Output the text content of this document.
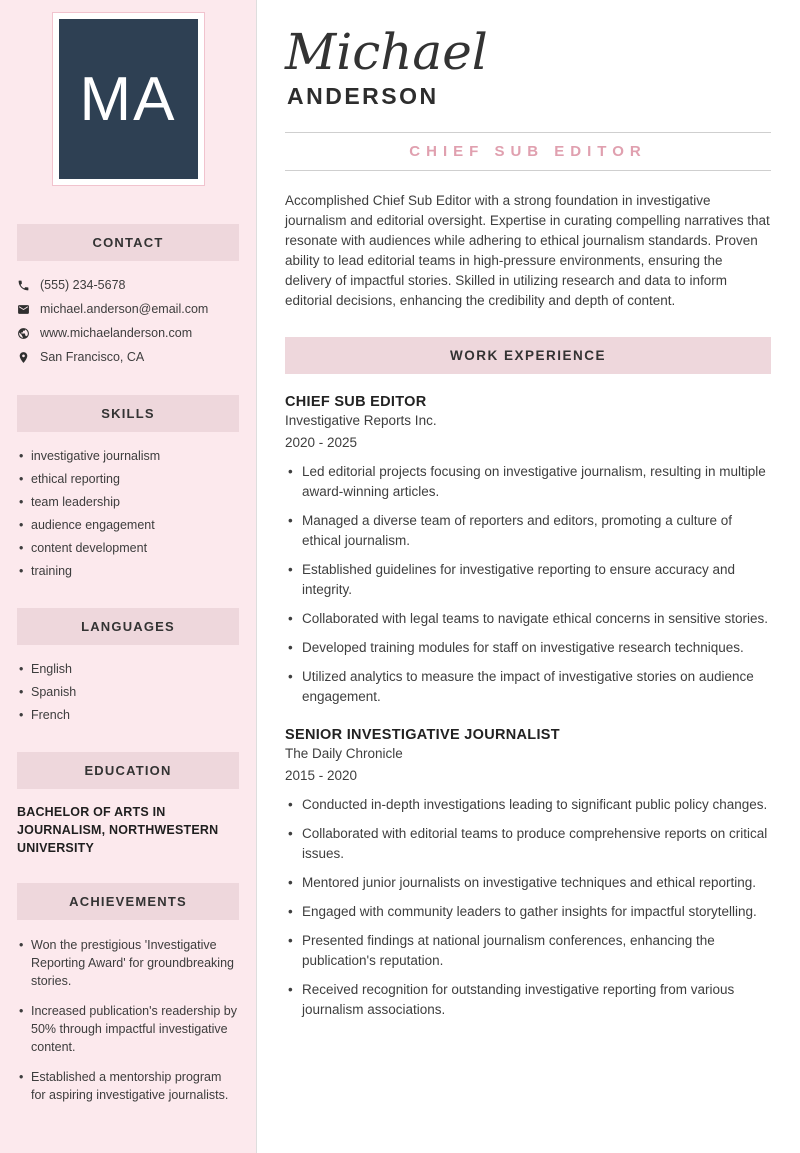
MA
CONTACT
(555) 234-5678
michael.anderson@email.com
www.michaelanderson.com
San Francisco, CA
SKILLS
• investigative journalism
• ethical reporting
• team leadership
• audience engagement
• content development
• training
LANGUAGES
• English
• Spanish
• French
EDUCATION
BACHELOR OF ARTS IN JOURNALISM, NORTHWESTERN UNIVERSITY
ACHIEVEMENTS
• Won the prestigious 'Investigative Reporting Award' for groundbreaking stories.
• Increased publication's readership by 50% through impactful investigative content.
• Established a mentorship program for aspiring investigative journalists.
Michael
ANDERSON
CHIEF SUB EDITOR

Accomplished Chief Sub Editor with a strong foundation in investigative journalism and editorial oversight. Expertise in curating compelling narratives that resonate with audiences while adhering to ethical journalism standards. Proven ability to lead editorial teams in high-pressure environments, ensuring the delivery of impactful stories. Skilled in utilizing research and data to inform editorial decisions, enhancing the credibility and depth of content.

WORK EXPERIENCE
CHIEF SUB EDITOR
Investigative Reports Inc.
2020 - 2025
• Led editorial projects focusing on investigative journalism, resulting in multiple award-winning articles.
• Managed a diverse team of reporters and editors, promoting a culture of ethical journalism.
• Established guidelines for investigative reporting to ensure accuracy and integrity.
• Collaborated with legal teams to navigate ethical concerns in sensitive stories.
• Developed training modules for staff on investigative research techniques.
• Utilized analytics to measure the impact of investigative stories on audience engagement.
SENIOR INVESTIGATIVE JOURNALIST
The Daily Chronicle
2015 - 2020
• Conducted in-depth investigations leading to significant public policy changes.
• Collaborated with editorial teams to produce comprehensive reports on critical issues.
• Mentored junior journalists on investigative techniques and ethical reporting.
• Engaged with community leaders to gather insights for impactful storytelling.
• Presented findings at national journalism conferences, enhancing the publication's reputation.
• Received recognition for outstanding investigative reporting from various journalism associations.
